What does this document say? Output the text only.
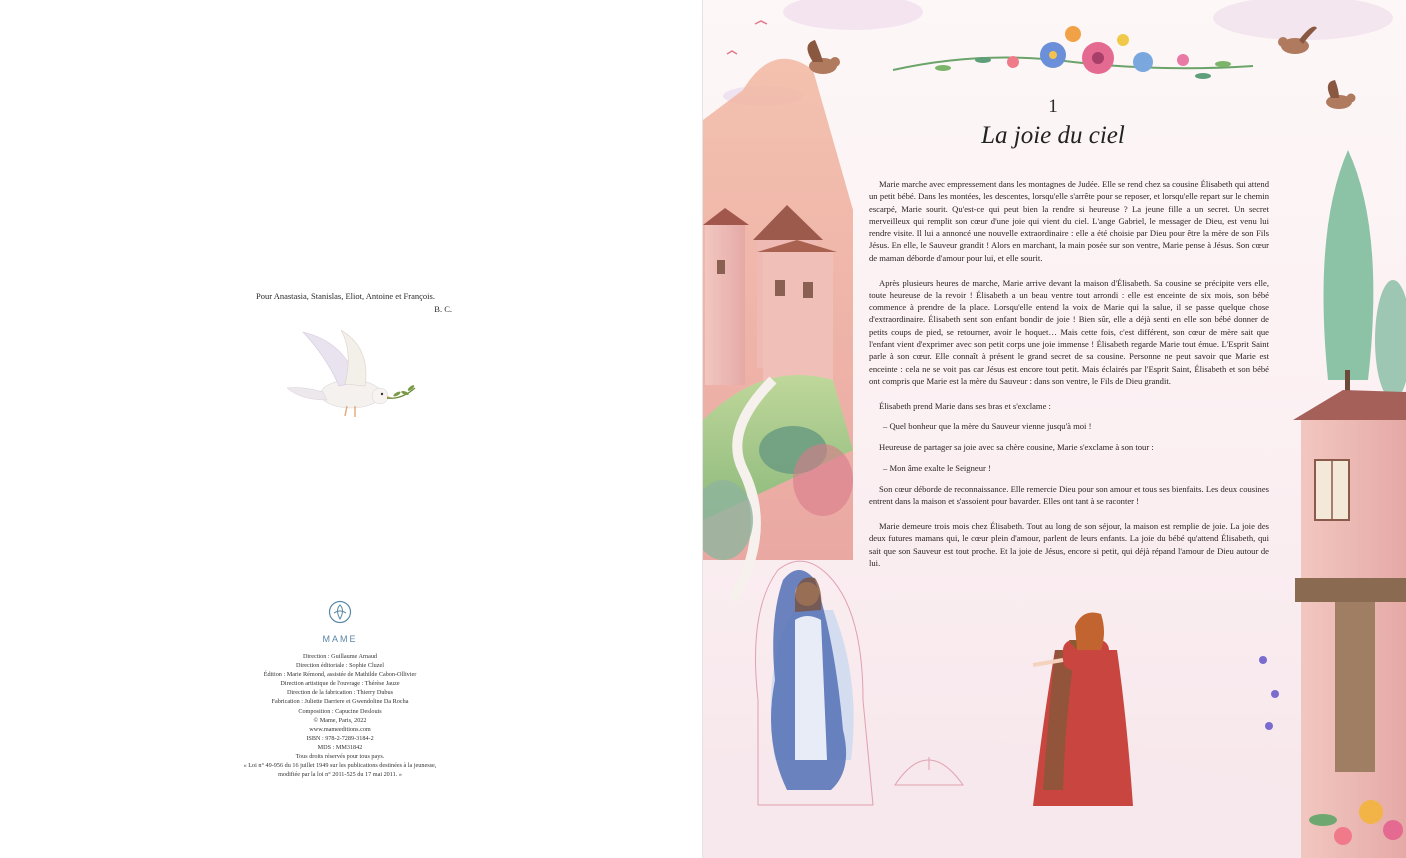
Pour Anastasia, Stanislas, Eliot, Antoine et François.
B. C.
MAME
Direction : Guillaume Arnaud
Direction éditoriale : Sophie Cluzel
Édition : Marie Rémond, assistée de Mathilde Cabon-Ollivier
Direction artistique de l'ouvrage : Thérèse Jauze
Direction de la fabrication : Thierry Dubus
Fabrication : Juliette Darriere et Gwendoline Da Rocha
Composition : Capucine Deslouis
© Mame, Paris, 2022
www.mameeditions.com
ISBN : 978-2-7289-3184-2
MDS : MM31842
Tous droits réservés pour tous pays.
« Loi n° 49-956 du 16 juillet 1949 sur les publications destinées à la jeunesse,
modifiée par la loi n° 2011-525 du 17 mai 2011. »
1
La joie du ciel

Marie marche avec empressement dans les montagnes de Judée. Elle se rend chez sa cousine Élisabeth qui attend un petit bébé. Dans les montées, les descentes, lorsqu'elle s'arrête pour se reposer, et lorsqu'elle repart sur le chemin escarpé, Marie sourit. Qu'est-ce qui peut bien la rendre si heureuse ? La jeune fille a un secret. Un secret merveilleux qui remplit son cœur d'une joie qui vient du ciel. L'ange Gabriel, le messager de Dieu, est venu lui rendre visite. Il lui a annoncé une nouvelle extraordinaire : elle a été choisie par Dieu pour être la mère de son Fils Jésus. En elle, le Sauveur grandit ! Alors en marchant, la main posée sur son ventre, Marie pense à Jésus. Son cœur de maman déborde d'amour pour lui, et elle sourit.

Après plusieurs heures de marche, Marie arrive devant la maison d'Élisabeth. Sa cousine se précipite vers elle, toute heureuse de la revoir ! Élisabeth a un beau ventre tout arrondi : elle est enceinte de six mois, son bébé commence à prendre de la place. Lorsqu'elle entend la voix de Marie qui la salue, il se passe quelque chose d'extraordinaire. Élisabeth sent son enfant bondir de joie ! Bien sûr, elle a déjà senti en elle son bébé donner de petits coups de pied, se retourner, avoir le hoquet… Mais cette fois, c'est différent, son cœur de mère sait que l'enfant vient d'exprimer avec son petit corps une joie immense ! Élisabeth regarde Marie tout émue. L'Esprit Saint parle à son cœur. Elle connaît à présent le grand secret de sa cousine. Personne ne peut savoir que Marie est enceinte : cela ne se voit pas car Jésus est encore tout petit. Mais éclairés par l'Esprit Saint, Élisabeth et son bébé ont compris que Marie est la mère du Sauveur : dans son ventre, le Fils de Dieu grandit.

Élisabeth prend Marie dans ses bras et s'exclame :

– Quel bonheur que la mère du Sauveur vienne jusqu'à moi !

Heureuse de partager sa joie avec sa chère cousine, Marie s'exclame à son tour :

– Mon âme exalte le Seigneur !

Son cœur déborde de reconnaissance. Elle remercie Dieu pour son amour et tous ses bienfaits. Les deux cousines entrent dans la maison et s'assoient pour bavarder. Elles ont tant à se raconter !

Marie demeure trois mois chez Élisabeth. Tout au long de son séjour, la maison est remplie de joie. La joie des deux futures mamans qui, le cœur plein d'amour, parlent de leurs enfants. La joie du bébé qu'attend Élisabeth, qui sait que son Sauveur est tout proche. Et la joie de Jésus, encore si petit, qui déjà répand l'amour de Dieu autour de lui.
